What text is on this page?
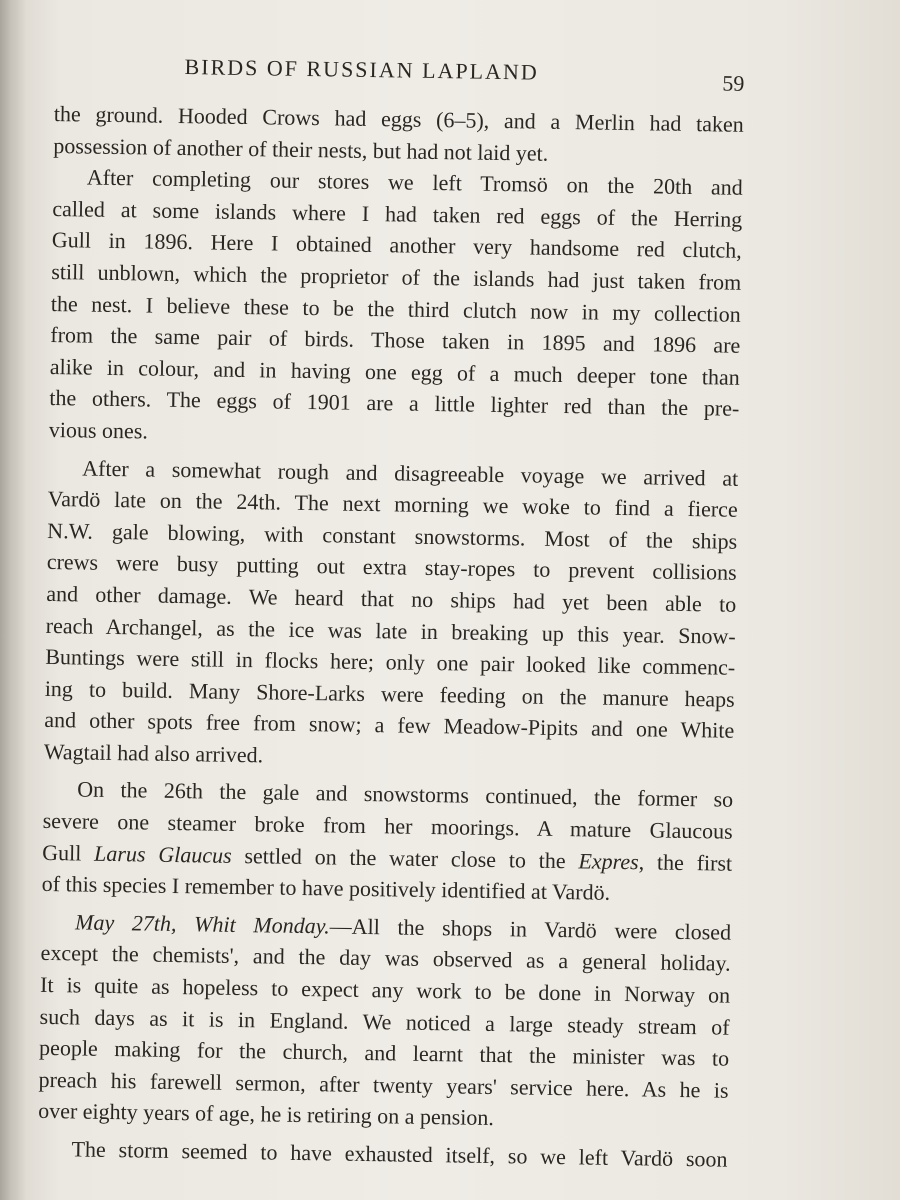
BIRDS OF RUSSIAN LAPLAND	59
the ground. Hooded Crows had eggs (6–5), and a Merlin had taken
possession of another of their nests, but had not laid yet.
After completing our stores we left Tromsö on the 20th and
called at some islands where I had taken red eggs of the Herring
Gull in 1896. Here I obtained another very handsome red clutch,
still unblown, which the proprietor of the islands had just taken from
the nest. I believe these to be the third clutch now in my collection
from the same pair of birds. Those taken in 1895 and 1896 are
alike in colour, and in having one egg of a much deeper tone than
the others. The eggs of 1901 are a little lighter red than the pre-
vious ones.
After a somewhat rough and disagreeable voyage we arrived at
Vardö late on the 24th. The next morning we woke to find a fierce
N.W. gale blowing, with constant snowstorms. Most of the ships
crews were busy putting out extra stay-ropes to prevent collisions
and other damage. We heard that no ships had yet been able to
reach Archangel, as the ice was late in breaking up this year. Snow-
Buntings were still in flocks here; only one pair looked like commenc-
ing to build. Many Shore-Larks were feeding on the manure heaps
and other spots free from snow; a few Meadow-Pipits and one White
Wagtail had also arrived.
On the 26th the gale and snowstorms continued, the former so
severe one steamer broke from her moorings. A mature Glaucous
Gull Larus Glaucus settled on the water close to the Expres, the first
of this species I remember to have positively identified at Vardö.
May 27th, Whit Monday.—All the shops in Vardö were closed
except the chemists', and the day was observed as a general holiday.
It is quite as hopeless to expect any work to be done in Norway on
such days as it is in England. We noticed a large steady stream of
people making for the church, and learnt that the minister was to
preach his farewell sermon, after twenty years' service here. As he is
over eighty years of age, he is retiring on a pension.
The storm seemed to have exhausted itself, so we left Vardö soon
